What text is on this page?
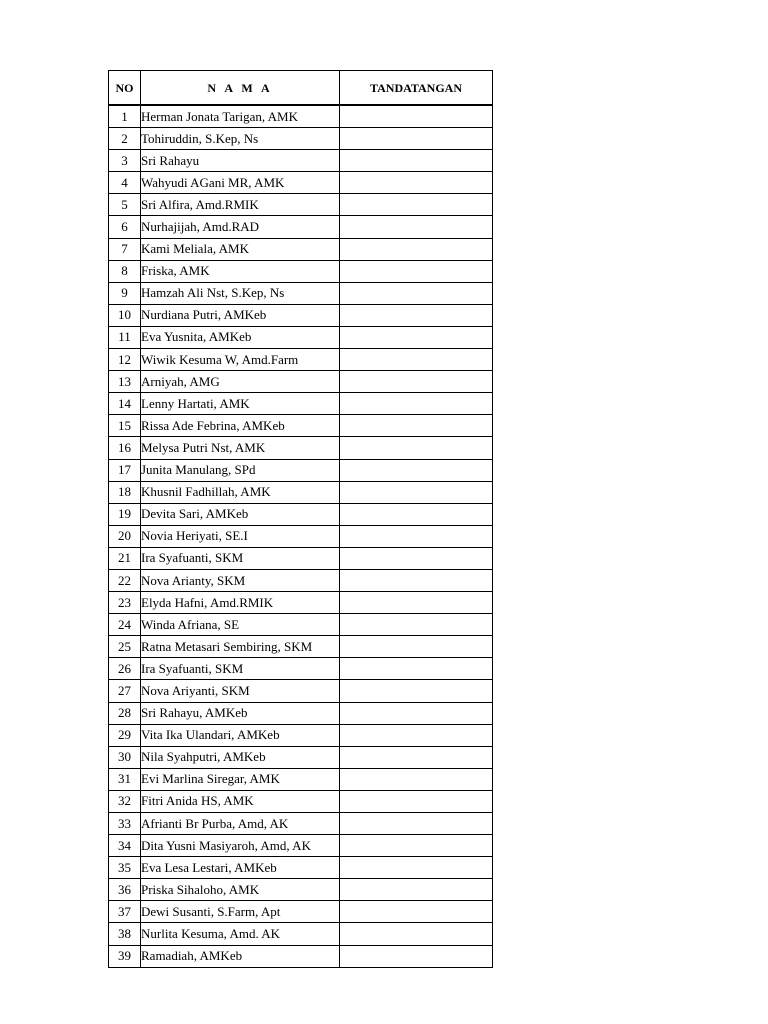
NO	N A M A	TANDATANGAN
1	Herman Jonata Tarigan, AMK	
2	Tohiruddin, S.Kep, Ns	
3	Sri Rahayu	
4	Wahyudi AGani MR, AMK	
5	Sri Alfira, Amd.RMIK	
6	Nurhajijah, Amd.RAD	
7	Kami Meliala, AMK	
8	Friska, AMK	
9	Hamzah Ali Nst, S.Kep, Ns	
10	Nurdiana Putri, AMKeb	
11	Eva Yusnita, AMKeb	
12	Wiwik Kesuma W, Amd.Farm	
13	Arniyah, AMG	
14	Lenny Hartati, AMK	
15	Rissa Ade Febrina, AMKeb	
16	Melysa Putri Nst, AMK	
17	Junita Manulang, SPd	
18	Khusnil Fadhillah, AMK	
19	Devita Sari, AMKeb	
20	Novia Heriyati, SE.I	
21	Ira Syafuanti, SKM	
22	Nova Arianty, SKM	
23	Elyda Hafni, Amd.RMIK	
24	Winda Afriana, SE	
25	Ratna Metasari Sembiring, SKM	
26	Ira Syafuanti, SKM	
27	Nova Ariyanti, SKM	
28	Sri Rahayu, AMKeb	
29	Vita Ika Ulandari, AMKeb	
30	Nila Syahputri, AMKeb	
31	Evi Marlina Siregar, AMK	
32	Fitri Anida HS, AMK	
33	Afrianti Br Purba, Amd, AK	
34	Dita Yusni Masiyaroh, Amd, AK	
35	Eva Lesa Lestari, AMKeb	
36	Priska Sihaloho, AMK	
37	Dewi Susanti, S.Farm, Apt	
38	Nurlita Kesuma, Amd. AK	
39	Ramadiah, AMKeb	
